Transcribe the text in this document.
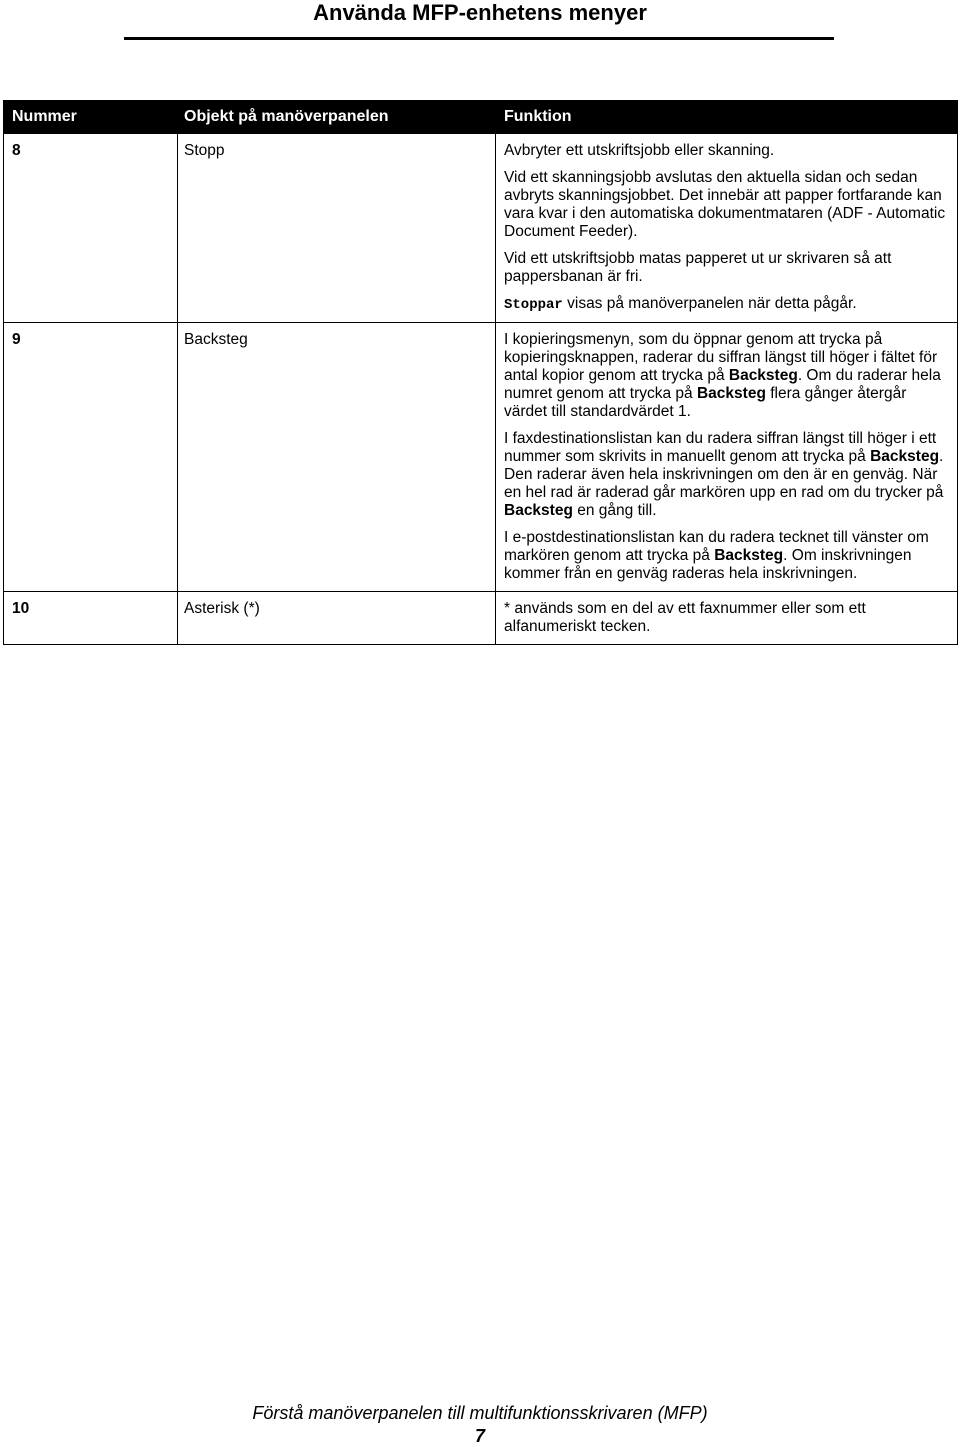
Använda MFP-enhetens menyer
Nummer	Objekt på manöverpanelen	Funktion
8	Stopp	Avbryter ett utskriftsjobb eller skanning.

Vid ett skanningsjobb avslutas den aktuella sidan och sedan avbryts skanningsjobbet. Det innebär att papper fortfarande kan vara kvar i den automatiska dokumentmataren (ADF - Automatic Document Feeder).

Vid ett utskriftsjobb matas papperet ut ur skrivaren så att pappersbanan är fri.

Stoppar visas på manöverpanelen när detta pågår.

9	Backsteg	I kopieringsmenyn, som du öppnar genom att trycka på kopieringsknappen, raderar du siffran längst till höger i fältet för antal kopior genom att trycka på Backsteg. Om du raderar hela numret genom att trycka på Backsteg flera gånger återgår värdet till standardvärdet 1.

I faxdestinationslistan kan du radera siffran längst till höger i ett nummer som skrivits in manuellt genom att trycka på Backsteg. Den raderar även hela inskrivningen om den är en genväg. När en hel rad är raderad går markören upp en rad om du trycker på Backsteg en gång till.

I e-postdestinationslistan kan du radera tecknet till vänster om markören genom att trycka på Backsteg. Om inskrivningen kommer från en genväg raderas hela inskrivningen.

10	Asterisk (*)	* används som en del av ett faxnummer eller som ett alfanumeriskt tecken.

Förstå manöverpanelen till multifunktionsskrivaren (MFP)
7
